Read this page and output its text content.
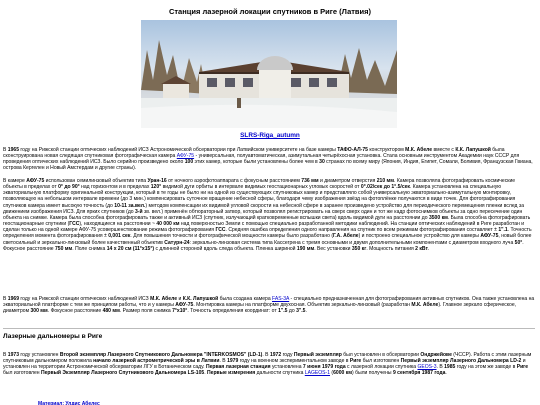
Станция лазерной локации спутников в Риге (Латвия)
SLRS-Riga_autumn

В 1965 году на Рижской станции оптических наблюдений ИСЗ Астрономической обсерватории при Латвийском университете на базе камеры ТАФО-АЛ-75 конструктором М.К. Абеле вместе с К.К. Лапушкой была сконструирована новая следящая спутниковая фотографическая камера АФУ-75 - универсальная, полуавтоматическая, азимутальная четырёхосная установка. Стала основным инструментом Академии наук СССР для проведения оптических наблюдений ИСЗ. Было серийно произведено около 100 этих камер, которые были установлены более чем в 30 странах по всему миру (Япония, Индия, Египет, Сомали, Боливия, Французская Гвиана, острова Кергелен и Новый Амстердам и другие страны).

В камере АФУ-75 использован семилинзовый объектив типа Уран-16 от ночного аэрофотоаппарата с фокусным расстоянием 736 мм и диаметром отверстия 210 мм. Камера позволяла фотографировать космические объекты в пределах от 0° до 90° над горизонтом и в пределах 120° видимой дуги орбиты в интервале видимых геостационарных угловых скоростей от 0°.02/сек до 1°.5/сек. Камера установлена на специальную экваториальную платформу оригинальной конструкции, который в те годы не было ни на одной из существующих спутниковых камер и представляло собой универсальную экваториально-азимутальную монтировку, позволяющую на небольшом интервале времени (до 3 мин.) компенсировать суточное вращение небесной сферы, благодаря чему изображения звёзд на фотоплёнке получаются в виде точек. Для фотографирования спутников камера имеет высокую точность (до 10-11 за.вел.) методом компенсации их видимой угловой скорости на небесной сфере в заранее произведено устройство для периодического перемещения пленки вслед за движением изображения ИСЗ. Для ярких спутников (до 3-й зв. вел.) применён обтюраторный затвор, который позволял регистрировать на сверх сверх один и тот же кадр фотоснимков объекты за одно пересечение один объекта на снимке. Камера была способна фотографировать также и активный ИСЗ (спутник, излучающий кратковременные вспышки света) вдоль видимой дуги на расстоянии до 3500 км. Была способна фотографировать геостационарные спутники (ГСС), находящиеся на расстоянии ~ 40 000 км над поверхностью Земли с помощью специально разработанной методики наблюдений. На станции оптических наблюдений в Риге разработан и сделан только на одной камере АФУ-75 усовершенствование режима фотографирования ГСС. Средняя ошибка определения одного направления на спутник по всем режимам фотографирования составляет ± 1".1. Точность определения момента фотографирования ± 0,001 сек. Для повышения точности и фотографической мощности камеры было разработано (Г.А. Абеле) и построено специальное устройство для камеры АФУ-75, новый более светосильный и зеркально-линзовый более качественный объектив Сатурн-24: зеркально-линзовая система типа Кассегрена с тремя основными и двумя дополнительными компонентами с диаметром входного луча 50°. Фокусное расстояние 750 мм. Поле снимка 14 х 20 см (11°х15°) с длинной стороной вдоль следа объекта. Пленка шириной 190 мм. Вес установки 350 кг. Мощность питания 2 кВт.

В 1969 году на Рижской станции оптических наблюдений ИСЗ М.К. Абеле и К.К. Лапушкой была создана камера FAS-3A - специально предназначенная для фотографирования активных спутников. Она также установлена на экваториальной платформе с тем же принципом работы, что и у камеры АФУ-75. Монтировка камеры на платформе двухосная. Объектив зеркально-линзовый (разработан М.К. Абеле). Главное зеркало сферическое, диаметром 300 мм. Фокусное расстояние 480 мм. Размер поля снимка 7°х10°. Точность определения координат: от 1".5 до 3".5.

Лазерные дальномеры в Риге

В 1973 году установлен Второй экземпляр Лазерного Спутникового Дальномера "INTERKOSMOS" (LD-1). В 1972 году Первый экземпляр был установлен в обсерватории Ондржейове (ЧССР). Работа с этим лазерным спутниковым дальномером положила начало лазерной астрометрической эры в Латвии. В 1979 году на военном экспериментальном заводе в Риге был изготовлен Первый экземпляр Лазерного Дальномера LD-2 и установлен на территории Астрономической обсерватории ЛГУ в Ботаническом саду. Первая лазерная станция установлена 7 июня 1979 года с лазерной локации спутника GEOS-3. В 1985 году на этом же заводе в Риге был изготовлен Первый Экземпляр Лазерного Спутникового Дальномера LS-105. Первые измерения дальности спутника LAGEOS-1 (6000 км) были получены 9 сентября 1987 года.

Материал: Улдис Абелес
